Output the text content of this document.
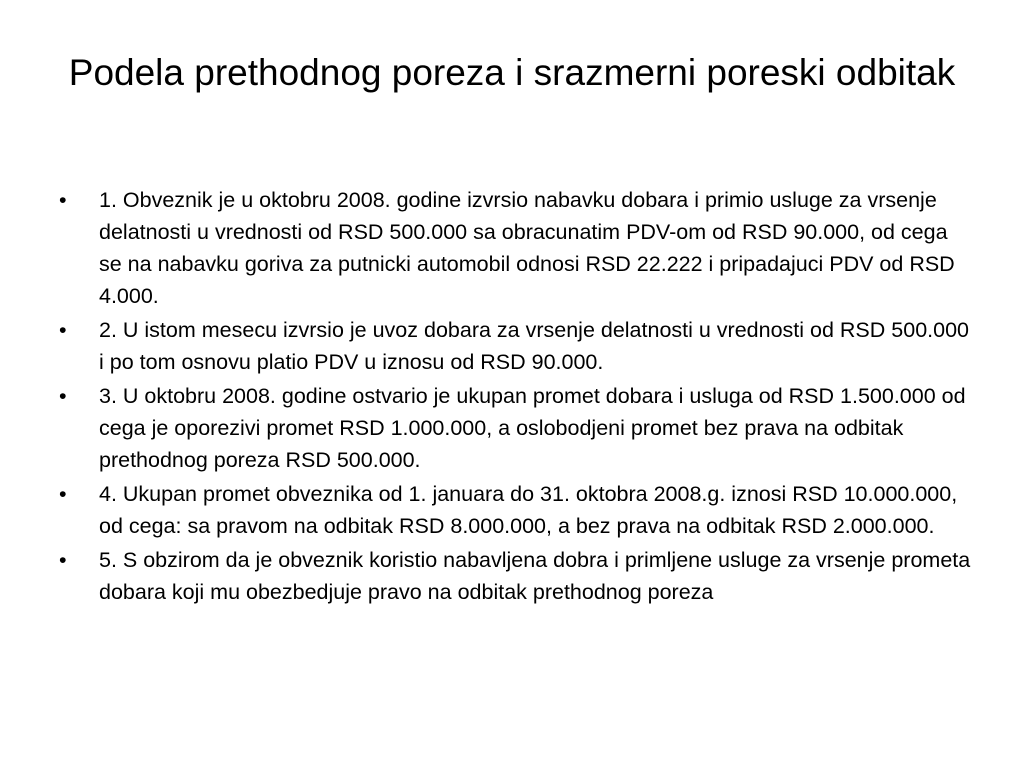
Podela prethodnog poreza i srazmerni poreski odbitak
• 1. Obveznik je u oktobru 2008. godine izvrsio nabavku dobara i primio usluge za vrsenje delatnosti u vrednosti od RSD 500.000 sa obracunatim PDV-om od RSD 90.000, od cega se na nabavku goriva za putnicki automobil odnosi RSD 22.222 i pripadajuci PDV od RSD 4.000.
• 2. U istom mesecu izvrsio je uvoz dobara za vrsenje delatnosti u vrednosti od RSD 500.000 i po tom osnovu platio PDV u iznosu od RSD 90.000.
• 3. U oktobru 2008. godine ostvario je ukupan promet dobara i usluga od RSD 1.500.000 od cega je oporezivi promet RSD 1.000.000, a oslobodjeni promet bez prava na odbitak prethodnog poreza RSD 500.000.
• 4. Ukupan promet obveznika od 1. januara do 31. oktobra 2008.g. iznosi RSD 10.000.000, od cega: sa pravom na odbitak RSD 8.000.000, a bez prava na odbitak RSD 2.000.000.
• 5. S obzirom da je obveznik koristio nabavljena dobra i primljene usluge za vrsenje prometa dobara koji mu obezbedjuje pravo na odbitak prethodnog poreza
